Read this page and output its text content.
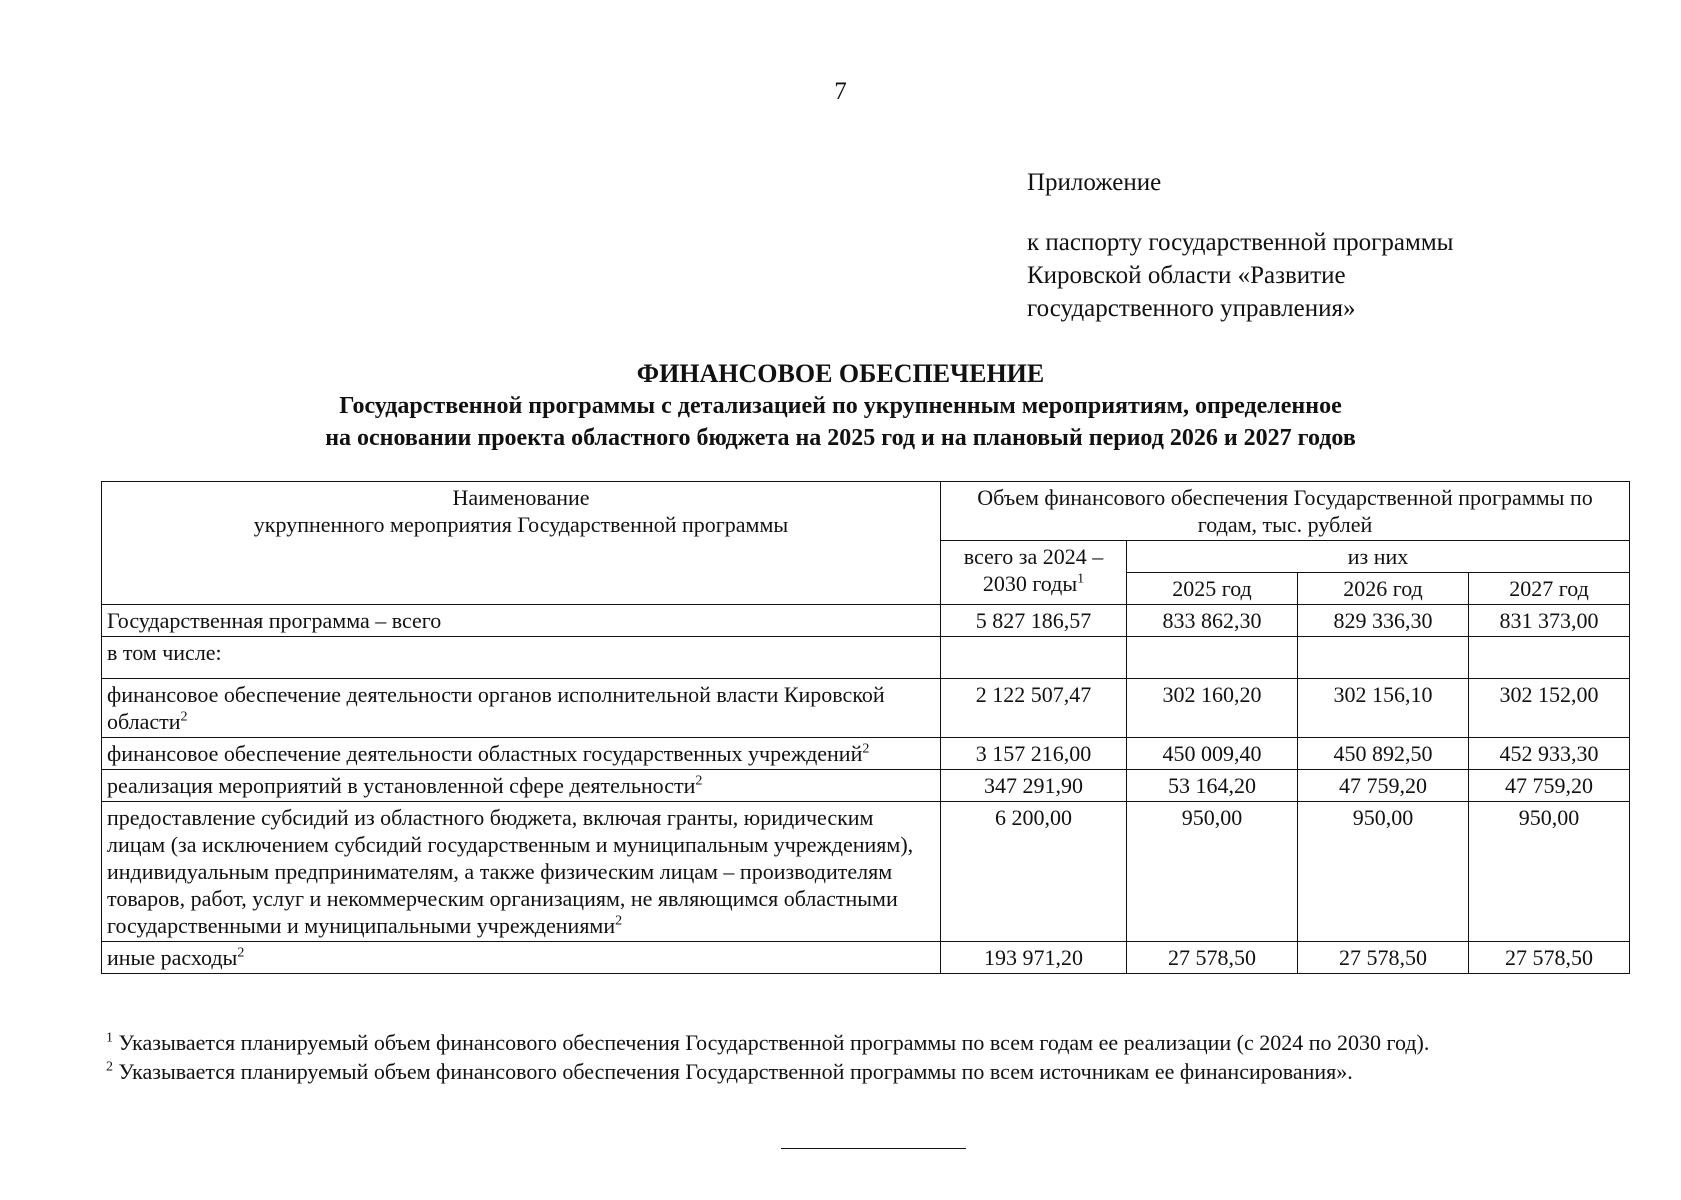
7
Приложение
к паспорту государственной программы
Кировской области «Развитие
государственного управления»
ФИНАНСОВОЕ ОБЕСПЕЧЕНИЕ
Государственной программы с детализацией по укрупненным мероприятиям, определенное
на основании проекта областного бюджета на 2025 год и на плановый период 2026 и 2027 годов
Наименование
укрупненного мероприятия Государственной программы	Объем финансового обеспечения Государственной программы по годам, тыс. рублей			
	всего за 2024 – 2030 годы$^1$	из них		
		2025 год	2026 год	2027 год
Государственная программа – всего	5 827 186,57	833 862,30	829 336,30	831 373,00
в том числе:				
финансовое обеспечение деятельности органов исполнительной власти Кировской области$^2$	2 122 507,47	302 160,20	302 156,10	302 152,00
финансовое обеспечение деятельности областных государственных учреждений$^2$	3 157 216,00	450 009,40	450 892,50	452 933,30
реализация мероприятий в установленной сфере деятельности$^2$	347 291,90	53 164,20	47 759,20	47 759,20
предоставление субсидий из областного бюджета, включая гранты, юридическим лицам (за исключением субсидий государственным и муниципальным учреждениям), индивидуальным предпринимателям, а также физическим лицам – производителям товаров, работ, услуг и некоммерческим организациям, не являющимся областными государственными и муниципальными учреждениями$^2$	6 200,00	950,00	950,00	950,00
иные расходы$^2$	193 971,20	27 578,50	27 578,50	27 578,50
$^1$ Указывается планируемый объем финансового обеспечения Государственной программы по всем годам ее реализации (с 2024 по 2030 год).
$^2$ Указывается планируемый объем финансового обеспечения Государственной программы по всем источникам ее финансирования».
